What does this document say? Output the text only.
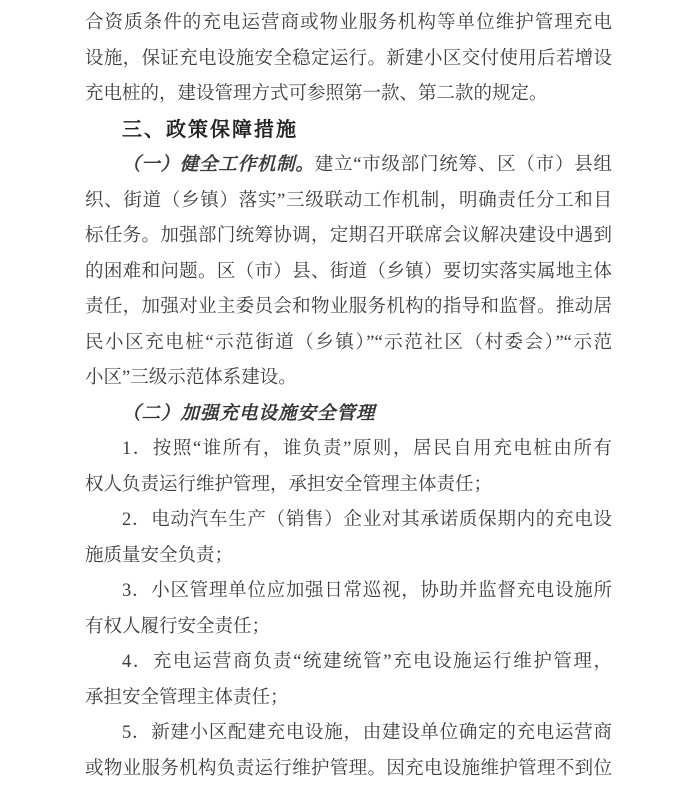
合资质条件的充电运营商或物业服务机构等单位维护管理充电
设施，保证充电设施安全稳定运行。新建小区交付使用后若增设
充电桩的，建设管理方式可参照第一款、第二款的规定。
三、政策保障措施
（一）健全工作机制。建立“市级部门统筹、区（市）县组
织、街道（乡镇）落实”三级联动工作机制，明确责任分工和目
标任务。加强部门统筹协调，定期召开联席会议解决建设中遇到
的困难和问题。区（市）县、街道（乡镇）要切实落实属地主体
责任，加强对业主委员会和物业服务机构的指导和监督。推动居
民小区充电桩“示范街道（乡镇）”“示范社区（村委会）”“示范
小区”三级示范体系建设。
（二）加强充电设施安全管理
1．按照“谁所有，谁负责”原则，居民自用充电桩由所有
权人负责运行维护管理，承担安全管理主体责任；
2．电动汽车生产（销售）企业对其承诺质保期内的充电设
施质量安全负责；
3．小区管理单位应加强日常巡视，协助并监督充电设施所
有权人履行安全责任；
4．充电运营商负责“统建统管”充电设施运行维护管理，
承担安全管理主体责任；
5．新建小区配建充电设施，由建设单位确定的充电运营商
或物业服务机构负责运行维护管理。因充电设施维护管理不到位
